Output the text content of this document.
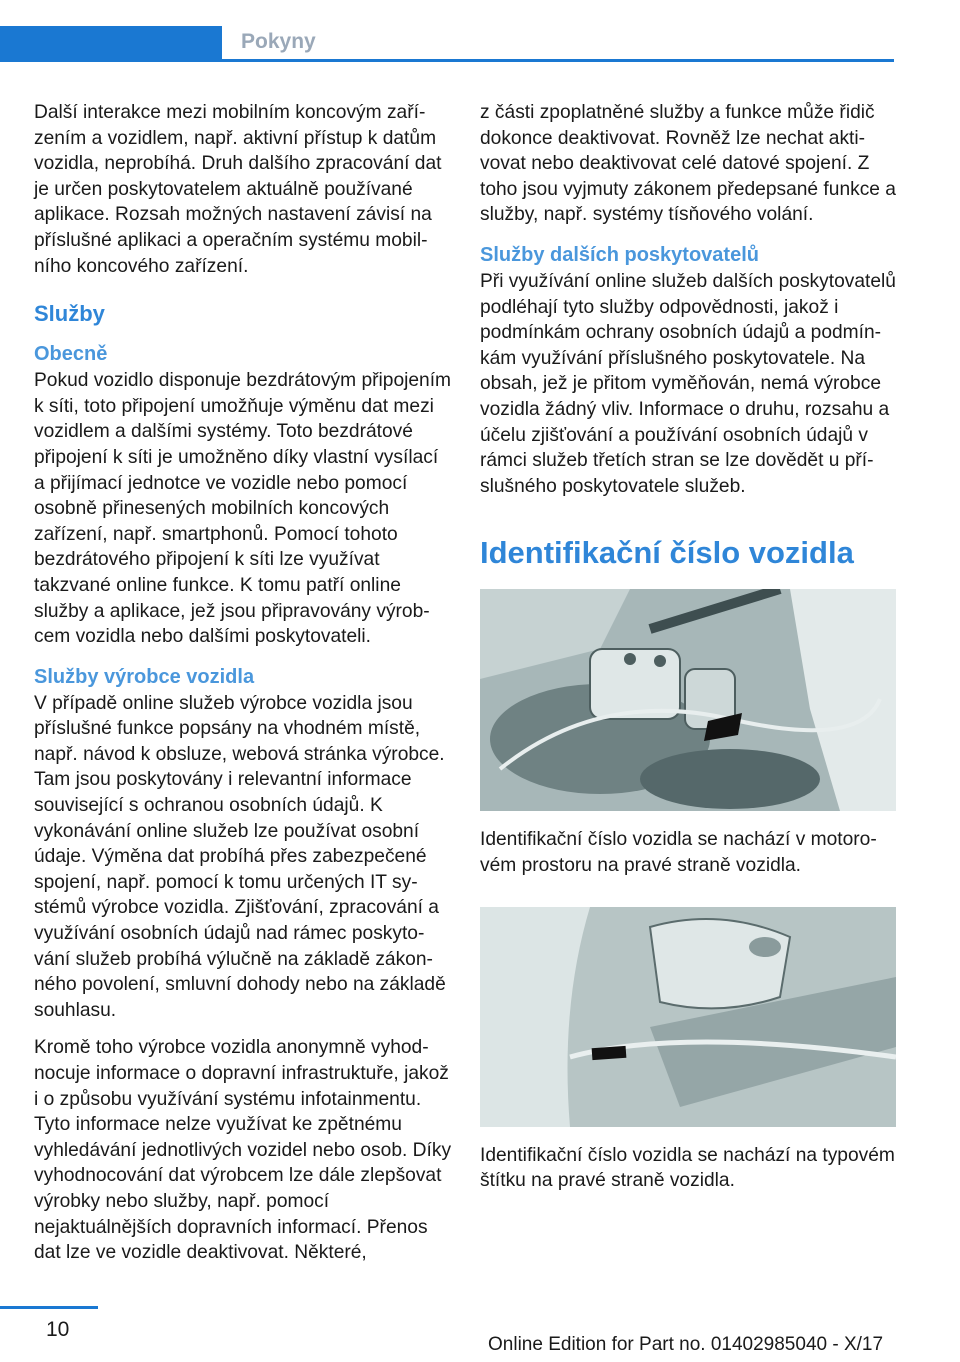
Pokyny

Další interakce mezi mobilním koncovým zařízením a vozidlem, např. aktivní přístup k datům vozidla, neprobíhá. Druh dalšího zpracování dat je určen poskytovatelem aktuálně používané aplikace. Rozsah možných nastavení závisí na příslušné aplikaci a operačním systému mobilního koncového zařízení.

Služby
Obecně

Pokud vozidlo disponuje bezdrátovým připojením k síti, toto připojení umožňuje výměnu dat mezi vozidlem a dalšími systémy. Toto bezdrátové připojení k síti je umožněno díky vlastní vysílací a přijímací jednotce ve vozidle nebo pomocí osobně přinesených mobilních koncových zařízení, např. smartphonů. Pomocí tohoto bezdrátového připojení k síti lze využívat takzvané online funkce. K tomu patří online služby a aplikace, jež jsou připravovány výrobcem vozidla nebo dalšími poskytovateli.

Služby výrobce vozidla

V případě online služeb výrobce vozidla jsou příslušné funkce popsány na vhodném místě, např. návod k obsluze, webová stránka výrobce. Tam jsou poskytovány i relevantní informace související s ochranou osobních údajů. K vykonávání online služeb lze používat osobní údaje. Výměna dat probíhá přes zabezpečené spojení, např. pomocí k tomu určených IT systémů výrobce vozidla. Zjišťování, zpracování a využívání osobních údajů nad rámec poskytování služeb probíhá výlučně na základě zákonného povolení, smluvní dohody nebo na základě souhlasu.

Kromě toho výrobce vozidla anonymně vyhodnocuje informace o dopravní infrastruktuře, jakož i o způsobu využívání systému infotainmentu. Tyto informace nelze využívat ke zpětnému vyhledávání jednotlivých vozidel nebo osob. Díky vyhodnocování dat výrobcem lze dále zlepšovat výrobky nebo služby, např. pomocí nejaktuálnějších dopravních informací. Přenos dat lze ve vozidle deaktivovat. Některé,

z části zpoplatněné služby a funkce může řidič dokonce deaktivovat. Rovněž lze nechat aktivovat nebo deaktivovat celé datové spojení. Z toho jsou vyjmuty zákonem předepsané funkce a služby, např. systémy tísňového volání.

Služby dalších poskytovatelů

Při využívání online služeb dalších poskytovatelů podléhají tyto služby odpovědnosti, jakož i podmínkám ochrany osobních údajů a podmínkám využívání příslušného poskytovatele. Na obsah, jež je přitom vyměňován, nemá výrobce vozidla žádný vliv. Informace o druhu, rozsahu a účelu zjišťování a používání osobních údajů v rámci služeb třetích stran se lze dovědět u příslušného poskytovatele služeb.

Identifikační číslo vozidla

Identifikační číslo vozidla se nachází v motorovém prostoru na pravé straně vozidla.

Identifikační číslo vozidla se nachází na typovém štítku na pravé straně vozidla.

10
Online Edition for Part no. 01402985040 - X/17
